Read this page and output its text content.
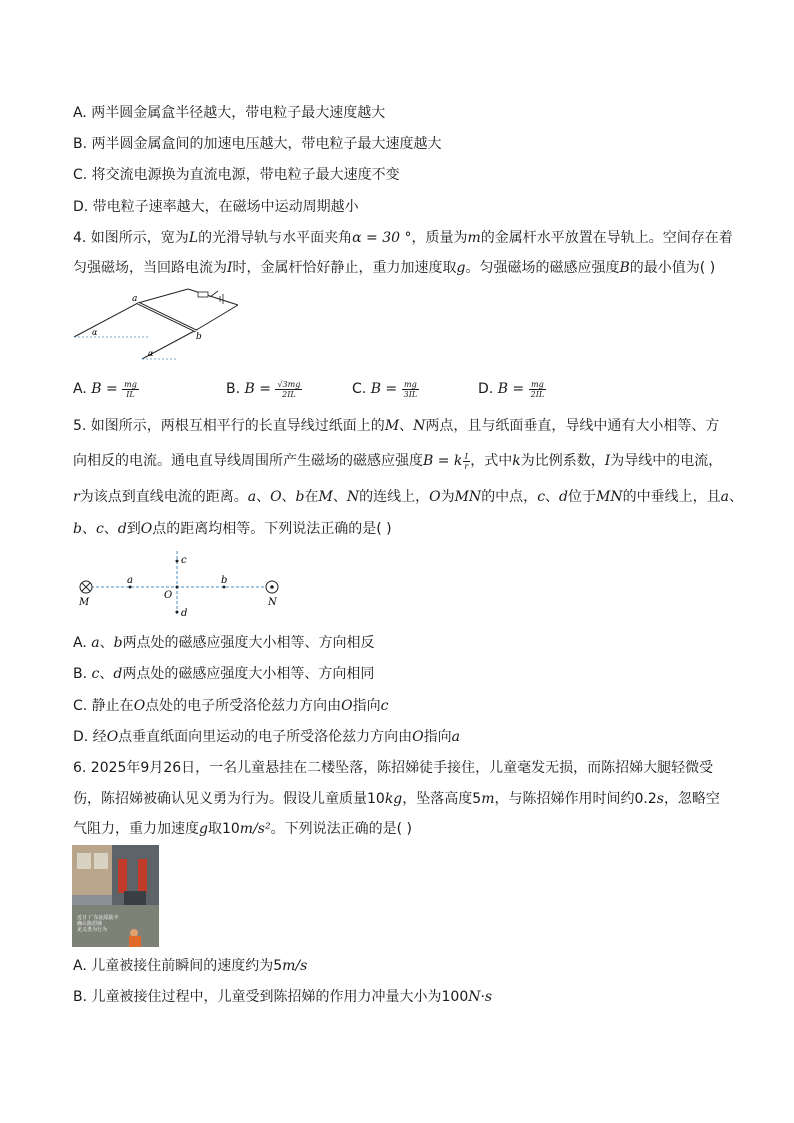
A. 两半圆金属盒半径越大，带电粒子最大速度越大
B. 两半圆金属盒间的加速电压越大，带电粒子最大速度越大
C. 将交流电源换为直流电源，带电粒子最大速度不变
D. 带电粒子速率越大，在磁场中运动周期越小
4. 如图所示，宽为L的光滑导轨与水平面夹角α = 30 °，质量为m的金属杆水平放置在导轨上。空间存在着
匀强磁场，当回路电流为I时，金属杆恰好静止，重力加速度取g。匀强磁场的磁感应强度B的最小值为( )
a
b
α
α
A. $B = \frac{mg}{IL}$	B. $B = \frac{√3mg}{2IL}$	C. $B = \frac{mg}{3IL}$	D. $B = \frac{mg}{2IL}$
5. 如图所示，两根互相平行的长直导线过纸面上的M、N两点，且与纸面垂直，导线中通有大小相等、方
向相反的电流。通电直导线周围所产生磁场的磁感应强度B = k $\frac{I}{r}$ ，式中k为比例系数，I为导线中的电流，
r为该点到直线电流的距离。a、O、b在M、N的连线上，O为MN的中点，c、d位于MN的中垂线上，且a、
b、c、d到O点的距离均相等。下列说法正确的是( )
M	N
a	b
c
d
O
A. a、b两点处的磁感应强度大小相等、方向相反
B. c、d两点处的磁感应强度大小相等、方向相同
C. 静止在O点处的电子所受洛伦兹力方向由O指向c
D. 经O点垂直纸面向里运动的电子所受洛伦兹力方向由O指向a
6. 2025年9月26日，一名儿童悬挂在二楼坠落，陈招娣徒手接住，儿童毫发无损，而陈招娣大腿轻微受
伤，陈招娣被确认见义勇为行为。假设儿童质量10kg，坠落高度5m，与陈招娣作用时间约0.2s，忽略空
气阻力，重力加速度g取10m/s²。下列说法正确的是( )
近日 广东汕尾陆丰
确认陈招娣
见义勇为行为
A. 儿童被接住前瞬间的速度约为5m/s
B. 儿童被接住过程中，儿童受到陈招娣的作用力冲量大小为100N·s
